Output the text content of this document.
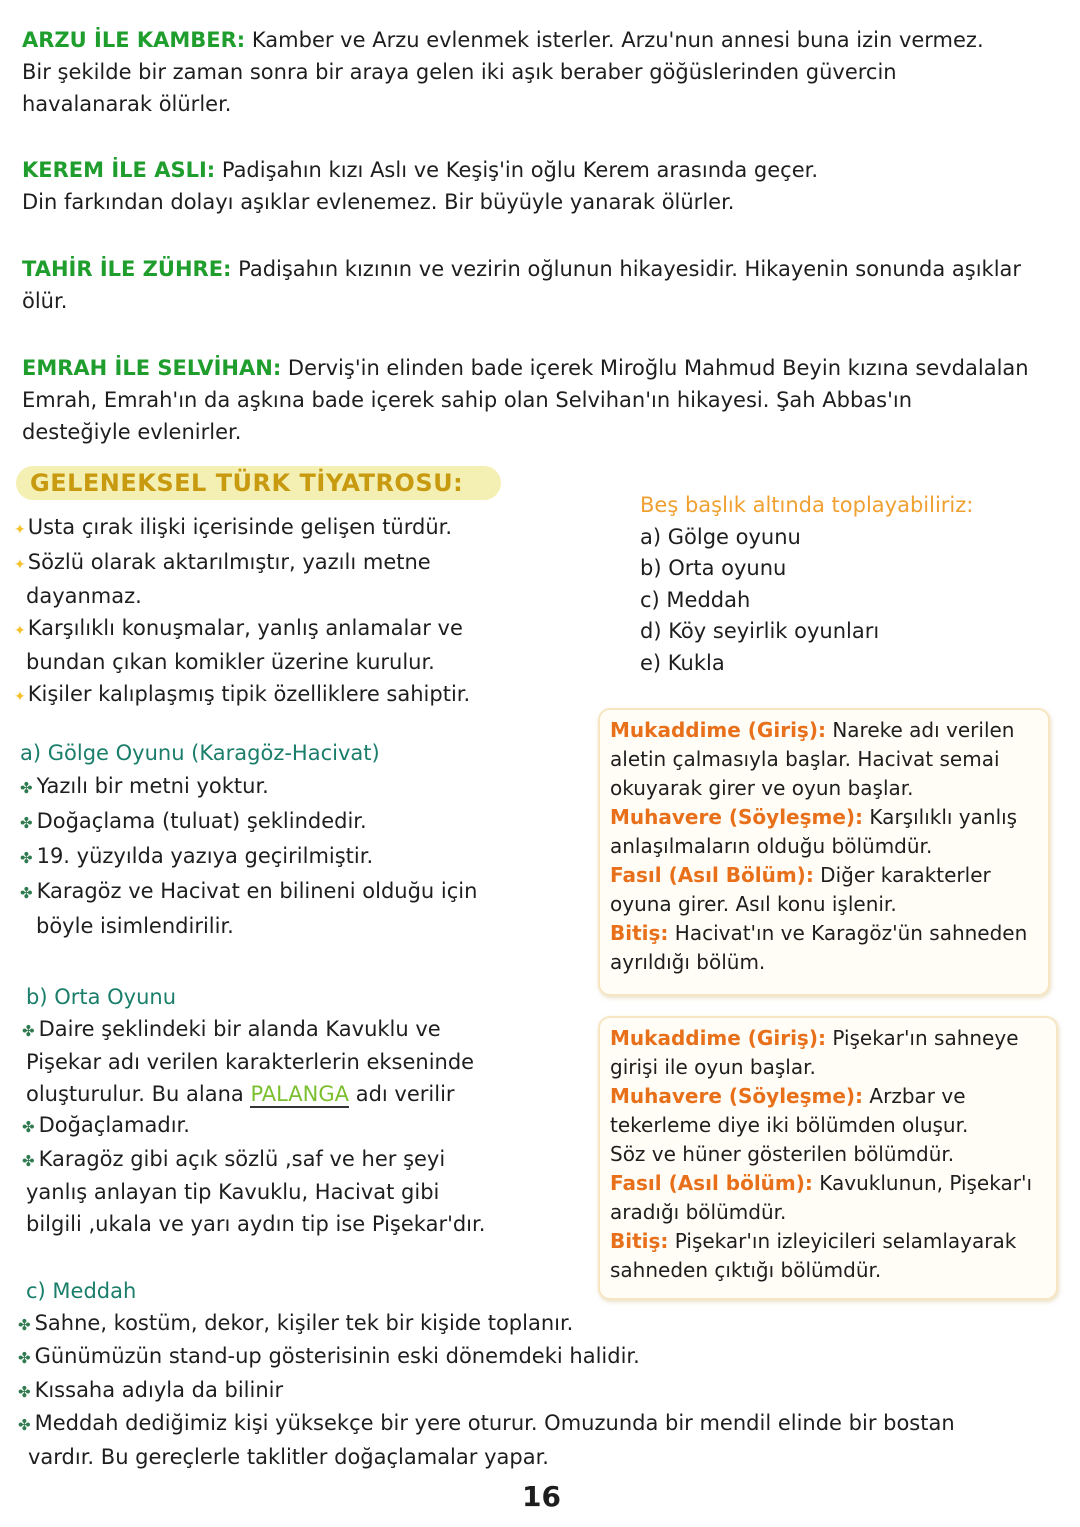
ARZU İLE KAMBER: Kamber ve Arzu evlenmek isterler. Arzu'nun annesi buna izin vermez.
Bir şekilde bir zaman sonra bir araya gelen iki aşık beraber göğüslerinden güvercin
havalanarak ölürler.
KEREM İLE ASLI: Padişahın kızı Aslı ve Keşiş'in oğlu Kerem arasında geçer.
Din farkından dolayı aşıklar evlenemez. Bir büyüyle yanarak ölürler.
TAHİR İLE ZÜHRE: Padişahın kızının ve vezirin oğlunun hikayesidir. Hikayenin sonunda aşıklar
ölür.
EMRAH İLE SELVİHAN: Derviş'in elinden bade içerek Miroğlu Mahmud Beyin kızına sevdalalan
Emrah, Emrah'ın da aşkına bade içerek sahip olan Selvihan'ın hikayesi. Şah Abbas'ın
desteğiyle evlenirler.
GELENEKSEL TÜRK TİYATROSU:
✦Usta çırak ilişki içerisinde gelişen türdür.
✦Sözlü olarak aktarılmıştır, yazılı metne
dayanmaz.
✦Karşılıklı konuşmalar, yanlış anlamalar ve
bundan çıkan komikler üzerine kurulur.
✦Kişiler kalıplaşmış tipik özelliklere sahiptir.
Beş başlık altında toplayabiliriz:
a) Gölge oyunu
b) Orta oyunu
c) Meddah
d) Köy seyirlik oyunları
e) Kukla
a) Gölge Oyunu (Karagöz-Hacivat)
✤ Yazılı bir metni yoktur.
✤ Doğaçlama (tuluat) şeklindedir.
✤ 19. yüzyılda yazıya geçirilmiştir.
✤ Karagöz ve Hacivat en bilineni olduğu için
böyle isimlendirilir.
Mukaddime (Giriş): Nareke adı verilen
aletin çalmasıyla başlar. Hacivat semai
okuyarak girer ve oyun başlar.
Muhavere (Söyleşme): Karşılıklı yanlış
anlaşılmaların olduğu bölümdür.
Fasıl (Asıl Bölüm): Diğer karakterler
oyuna girer. Asıl konu işlenir.
Bitiş: Hacivat'ın ve Karagöz'ün sahneden
ayrıldığı bölüm.
b) Orta Oyunu
✤ Daire şeklindeki bir alanda Kavuklu ve
Pişekar adı verilen karakterlerin ekseninde
oluşturulur. Bu alana PALANGA adı verilir
✤ Doğaçlamadır.
✤ Karagöz gibi açık sözlü ,saf ve her şeyi
yanlış anlayan tip Kavuklu, Hacivat gibi
bilgili ,ukala ve yarı aydın tip ise Pişekar'dır.
Mukaddime (Giriş): Pişekar'ın sahneye
girişi ile oyun başlar.
Muhavere (Söyleşme): Arzbar ve
tekerleme diye iki bölümden oluşur.
Söz ve hüner gösterilen bölümdür.
Fasıl (Asıl bölüm): Kavuklunun, Pişekar'ı
aradığı bölümdür.
Bitiş: Pişekar'ın izleyicileri selamlayarak
sahneden çıktığı bölümdür.
c) Meddah
✤ Sahne, kostüm, dekor, kişiler tek bir kişide toplanır.
✤ Günümüzün stand-up gösterisinin eski dönemdeki halidir.
✤ Kıssaha adıyla da bilinir
✤ Meddah dediğimiz kişi yüksekçe bir yere oturur. Omuzunda bir mendil elinde bir bostan
vardır. Bu gereçlerle taklitler doğaçlamalar yapar.
16
